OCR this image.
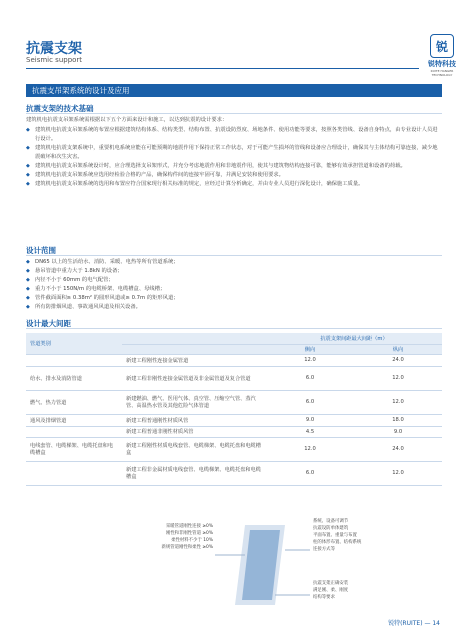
抗震支架
Seismic support
锐
锐特科技
RUITE HANGER TECHNOLOGY
抗震支吊架系统的设计及应用
抗震支架的技术基础
建筑机电抗震支吊架系统需根据以下五个方面来设计和施工，以达到抗震的设计要求：
◆ 建筑机电抗震支吊架系统的布置应根据建筑结构体系、结构类型、结构布置、抗震设防烈度、场地条件、使用功能等要求，按照各类管线、设备自身特点，由专业设计人员进行设计。
◆ 建筑机电抗震支架系统中，重要机电系统应能在可能预期的地震作用下保持正常工作状态，对于可能产生损坏的管线和设备应合理设计，确保其与主体结构可靠连接，减少地震破坏和次生灾害。
◆ 建筑机电抗震支吊架系统设计时，应合理选择支吊架形式，并充分考虑地震作用和非地震作用，使其与建筑物结构连接可靠，能够有效承担管道和设备的荷载。
◆ 建筑机电抗震支吊架系统应选用经检验合格的产品，确保构件间的连接牢固可靠，并满足安装和使用要求。
◆ 建筑机电抗震支吊架系统的选用和布置应符合国家现行相关标准的规定，应经过计算分析确定，并由专业人员进行深化设计，确保施工质量。
设计范围
◆ DN65 以上的生活给水、消防、采暖、电热等所有管道系统；
◆ 悬吊管道中重力大于 1.8kN 的设备；
◆ 内径不小于 60mm 的电气配管；
◆ 重力不小于 150N/m 的电缆桥架、电缆槽盒、母线槽；
◆ 管件截面面积≥ 0.38m² 的圆形风道或≥ 0.7m 的矩形风道；
◆ 所有防排烟风道、事故通风风道及相关设备。
设计最大间距
管道类别		抗震支架间距最大间距（m）	
		侧向	纵向
	新建工程刚性连接金属管道	12.0	24.0
给水、排水及消防管道	新建工程非刚性连接金属管道及非金属管道及复合管道	6.0	12.0
燃气、热力管道	新建燃油、燃气、医用气体、真空管、压缩空气管、蒸汽管、高温热水管及其他危险气体管道	6.0	12.0
通风及排烟管道	新建工程普通刚性材质风管	9.0	18.0
	新建工程普通非刚性材质风管	4.5	9.0
电线套管、电缆梯架、电缆托盘和电缆槽盒	新建工程刚性材质电线套管、电缆梯架、电缆托盘和电缆槽盒	12.0	24.0
	新建工程非金属材质电线套管、电缆梯架、电缆托盘和电缆槽盒	6.0	12.0
采暖管道刚性连接 ≥0%
刚性和非刚性管道 ≥0%
柔性材料不少于 10%
新规管道刚性和柔性 ≥0%
系统、设备可调节
抗震设防单体建筑
平面布置、重量与布置
柱的体形布置、结构系统
连接方式等
抗震支架正确安装
满足刚、柔、刚度
结构等要求
锐特(RUITE) — 14
